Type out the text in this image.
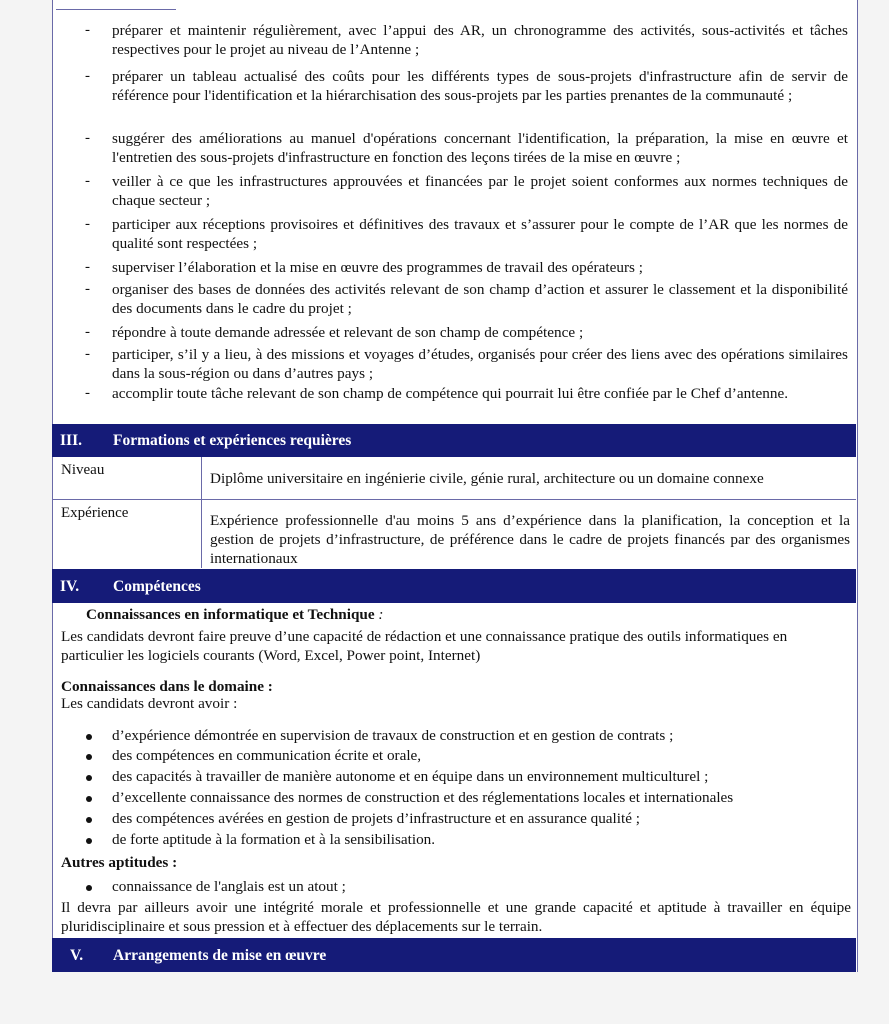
- préparer et maintenir régulièrement, avec l’appui des AR, un chronogramme des activités, sous-activités et tâches respectives pour le projet au niveau de l’Antenne ;
- préparer un tableau actualisé des coûts pour les différents types de sous-projets d'infrastructure afin de servir de référence pour l'identification et la hiérarchisation des sous-projets par les parties prenantes de la communauté ;
- suggérer des améliorations au manuel d'opérations concernant l'identification, la préparation, la mise en œuvre et l'entretien des sous-projets d'infrastructure en fonction des leçons tirées de la mise en œuvre ;
- veiller à ce que les infrastructures approuvées et financées par le projet soient conformes aux normes techniques de chaque secteur ;
- participer aux réceptions provisoires et définitives des travaux et s’assurer pour le compte de l’AR que les normes de qualité sont respectées ;
- superviser l’élaboration et la mise en œuvre des programmes de travail des opérateurs ;
- organiser des bases de données des activités relevant de son champ d’action et assurer le classement et la disponibilité des documents dans le cadre du projet ;
- répondre à toute demande adressée et relevant de son champ de compétence ;
- participer, s’il y a lieu, à des missions et voyages d’études, organisés pour créer des liens avec des opérations similaires dans la sous-région ou dans d’autres pays ;
- accomplir toute tâche relevant de son champ de compétence qui pourrait lui être confiée par le Chef d’antenne.
III. Formations et expériences requières
Niveau	Diplôme universitaire en ingénierie civile, génie rural, architecture ou un domaine connexe
Expérience	Expérience professionnelle d'au moins 5 ans d’expérience dans la planification, la conception et la gestion de projets d’infrastructure, de préférence dans le cadre de projets financés par des organismes internationaux
IV. Compétences
Connaissances en informatique et Technique :
Les candidats devront faire preuve d’une capacité de rédaction et une connaissance pratique des outils informatiques en particulier les logiciels courants (Word, Excel, Power point, Internet)
Connaissances dans le domaine :
Les candidats devront avoir :
d’expérience démontrée en supervision de travaux de construction et en gestion de contrats ;
des compétences en communication écrite et orale,
des capacités à travailler de manière autonome et en équipe dans un environnement multiculturel ;
d’excellente connaissance des normes de construction et des réglementations locales et internationales
des compétences avérées en gestion de projets d’infrastructure et en assurance qualité ;
de forte aptitude à la formation et à la sensibilisation.
Autres aptitudes :
connaissance de l'anglais est un atout ;
Il devra par ailleurs avoir une intégrité morale et professionnelle et une grande capacité et aptitude à travailler en équipe pluridisciplinaire et sous pression et à effectuer des déplacements sur le terrain.
V. Arrangements de mise en œuvre
